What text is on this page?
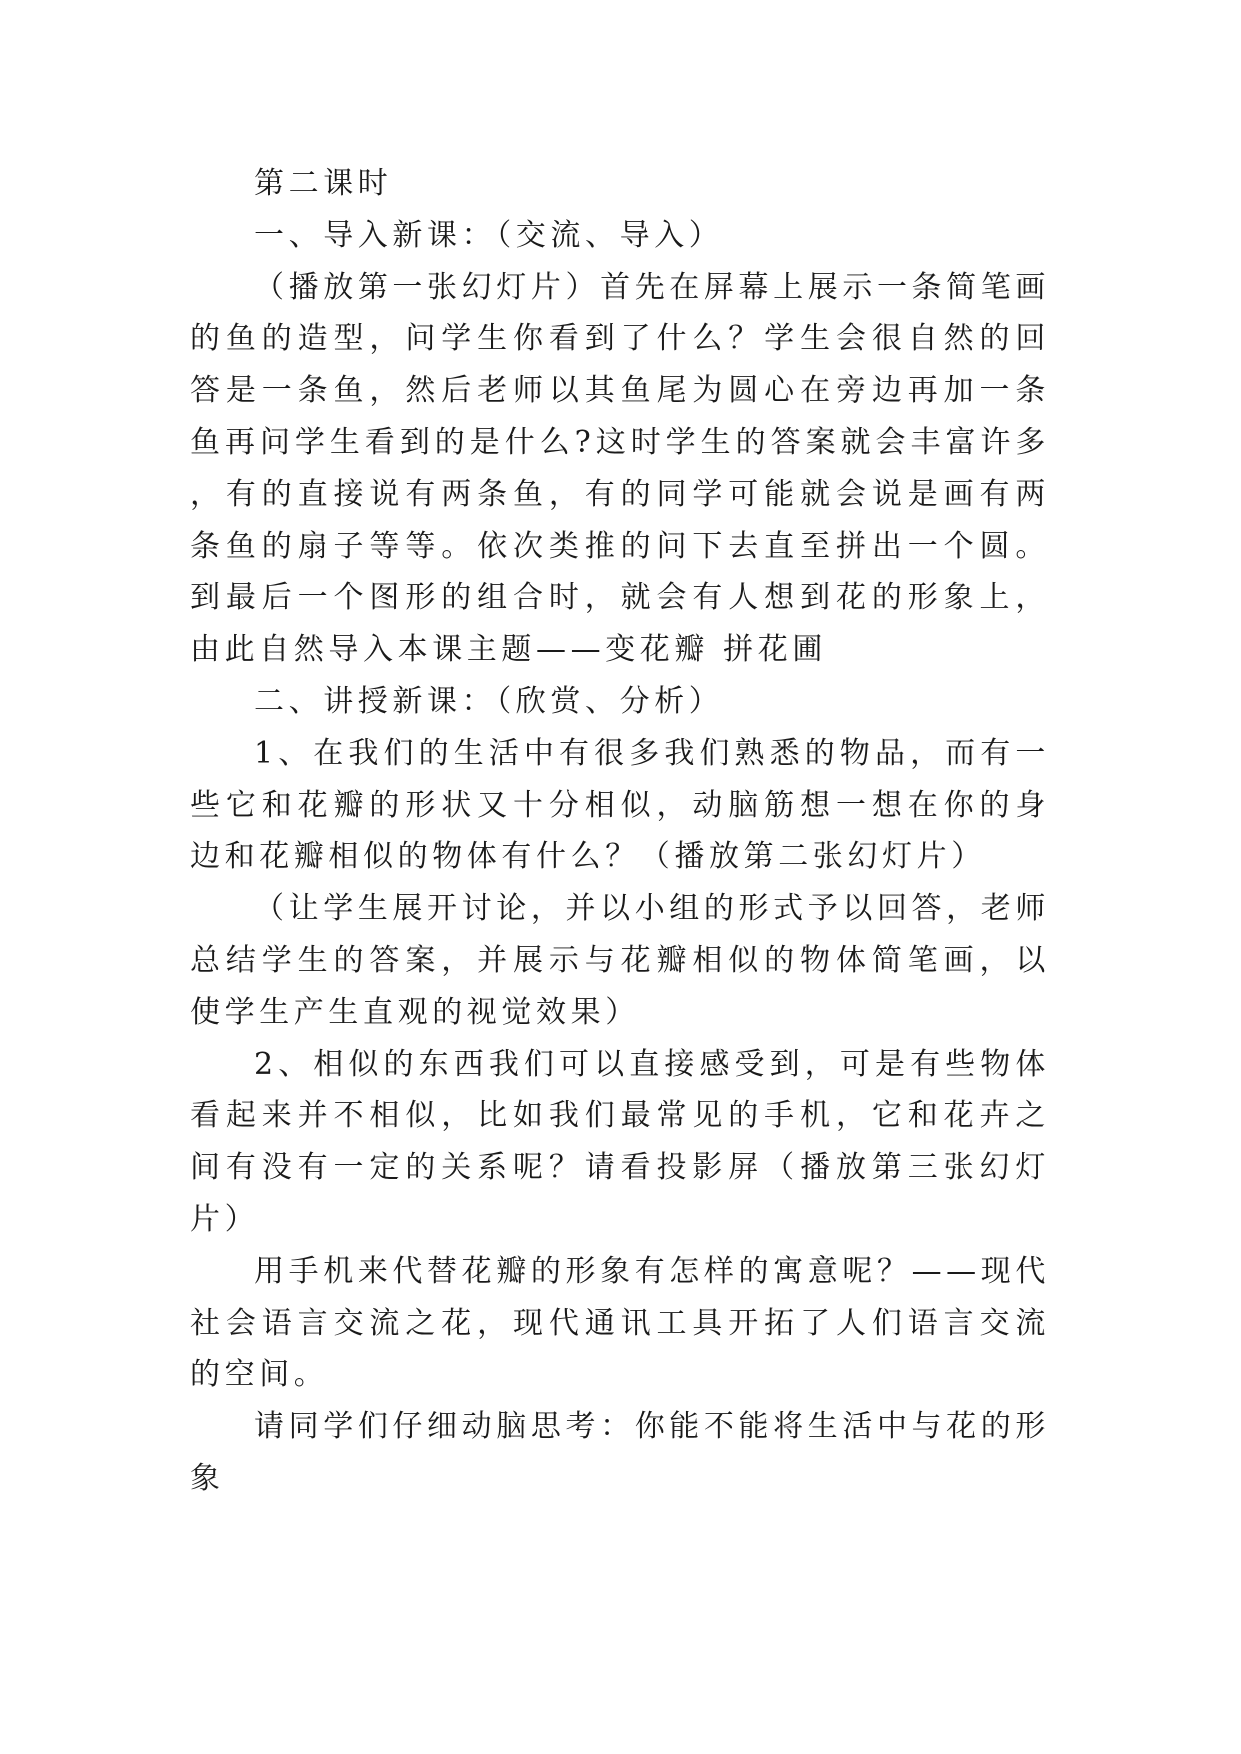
第二课时

一、导入新课：（交流、导入）

（播放第一张幻灯片）首先在屏幕上展示一条简笔画的鱼的造型，问学生你看到了什么？学生会很自然的回答是一条鱼，然后老师以其鱼尾为圆心在旁边再加一条鱼再问学生看到的是什么?这时学生的答案就会丰富许多，有的直接说有两条鱼，有的同学可能就会说是画有两条鱼的扇子等等。依次类推的问下去直至拼出一个圆。到最后一个图形的组合时，就会有人想到花的形象上，由此自然导入本课主题——变花瓣 拼花圃

二、讲授新课：（欣赏、分析）

1、在我们的生活中有很多我们熟悉的物品，而有一些它和花瓣的形状又十分相似，动脑筋想一想在你的身边和花瓣相似的物体有什么？（播放第二张幻灯片）

（让学生展开讨论，并以小组的形式予以回答，老师总结学生的答案，并展示与花瓣相似的物体简笔画，以使学生产生直观的视觉效果）

2、相似的东西我们可以直接感受到，可是有些物体看起来并不相似，比如我们最常见的手机，它和花卉之间有没有一定的关系呢？请看投影屏（播放第三张幻灯片）

用手机来代替花瓣的形象有怎样的寓意呢？——现代社会语言交流之花，现代通讯工具开拓了人们语言交流的空间。

请同学们仔细动脑思考：你能不能将生活中与花的形象
